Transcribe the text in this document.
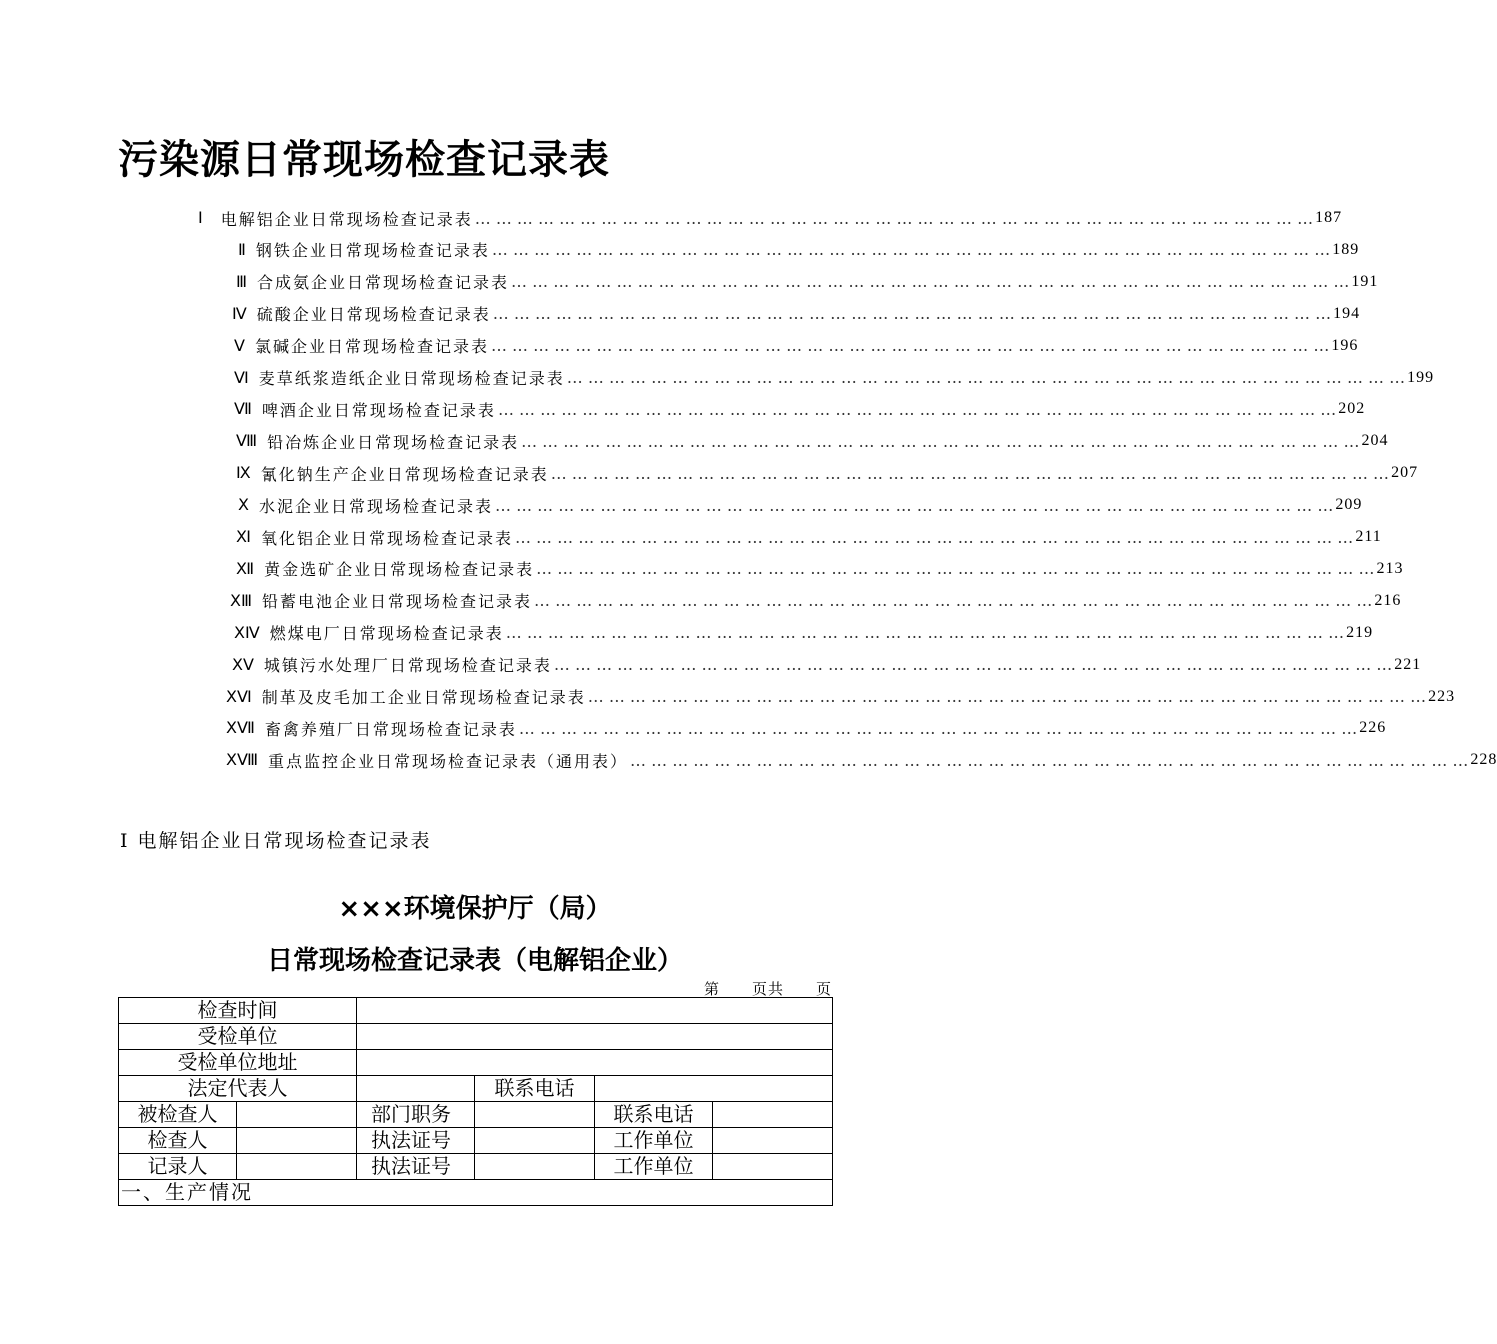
污染源日常现场检查记录表
Ⅰ 电解铝企业日常现场检查记录表 … … … … … … … … … … … … … … … … … … … … … … … … … … … … … … … … … … … … … … … … 187
Ⅱ 钢铁企业日常现场检查记录表 … … … … … … … … … … … … … … … … … … … … … … … … … … … … … … … … … … … … … … … … 189
Ⅲ 合成氨企业日常现场检查记录表 … … … … … … … … … … … … … … … … … … … … … … … … … … … … … … … … … … … … … … … … 191
Ⅳ 硫酸企业日常现场检查记录表 … … … … … … … … … … … … … … … … … … … … … … … … … … … … … … … … … … … … … … … … 194
Ⅴ 氯碱企业日常现场检查记录表 … … … … … … … … … … … … … … … … … … … … … … … … … … … … … … … … … … … … … … … … 196
Ⅵ 麦草纸浆造纸企业日常现场检查记录表 … … … … … … … … … … … … … … … … … … … … … … … … … … … … … … … … … … … … … … … … 199
Ⅶ 啤酒企业日常现场检查记录表 … … … … … … … … … … … … … … … … … … … … … … … … … … … … … … … … … … … … … … … … 202
Ⅷ 铅冶炼企业日常现场检查记录表 … … … … … … … … … … … … … … … … … … … … … … … … … … … … … … … … … … … … … … … … 204
Ⅸ 氰化钠生产企业日常现场检查记录表 … … … … … … … … … … … … … … … … … … … … … … … … … … … … … … … … … … … … … … … … 207
Ⅹ 水泥企业日常现场检查记录表 … … … … … … … … … … … … … … … … … … … … … … … … … … … … … … … … … … … … … … … … 209
Ⅺ 氧化铝企业日常现场检查记录表 … … … … … … … … … … … … … … … … … … … … … … … … … … … … … … … … … … … … … … … … 211
Ⅻ 黄金选矿企业日常现场检查记录表 … … … … … … … … … … … … … … … … … … … … … … … … … … … … … … … … … … … … … … … … 213
ⅩⅢ 铅蓄电池企业日常现场检查记录表 … … … … … … … … … … … … … … … … … … … … … … … … … … … … … … … … … … … … … … … … 216
ⅩⅣ 燃煤电厂日常现场检查记录表 … … … … … … … … … … … … … … … … … … … … … … … … … … … … … … … … … … … … … … … … 219
ⅩⅤ 城镇污水处理厂日常现场检查记录表 … … … … … … … … … … … … … … … … … … … … … … … … … … … … … … … … … … … … … … … … 221
ⅩⅥ 制革及皮毛加工企业日常现场检查记录表 … … … … … … … … … … … … … … … … … … … … … … … … … … … … … … … … … … … … … … … … 223
ⅩⅦ 畜禽养殖厂日常现场检查记录表 … … … … … … … … … … … … … … … … … … … … … … … … … … … … … … … … … … … … … … … … 226
ⅩⅧ 重点监控企业日常现场检查记录表（通用表） … … … … … … … … … … … … … … … … … … … … … … … … … … … … … … … … … … … … … … … … 228
Ⅰ 电解铝企业日常现场检查记录表
×××环境保护厅（局）
日常现场检查记录表（电解铝企业）
第　　页共　　页
检查时间					
受检单位					
受检单位地址					
法定代表人			联系电话		
被检查人		部门职务		联系电话	
检查人		执法证号		工作单位	
记录人		执法证号		工作单位	
一、生产情况					
